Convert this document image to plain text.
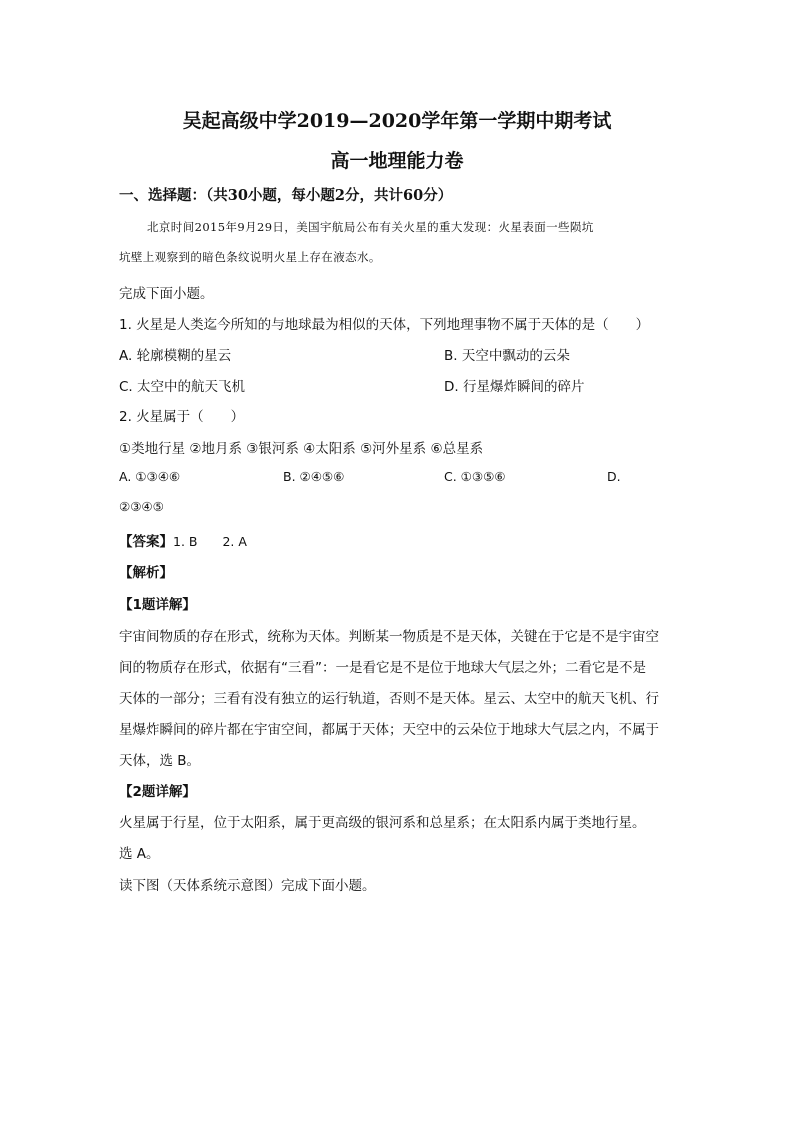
吴起高级中学2019—2020学年第一学期中期考试
高一地理能力卷
一、选择题：（共30小题，每小题2分，共计60分）
北京时间2015年9月29日，美国宇航局公布有关火星的重大发现：火星表面一些陨坑
坑壁上观察到的暗色条纹说明火星上存在液态水。
完成下面小题。
1. 火星是人类迄今所知的与地球最为相似的天体，下列地理事物不属于天体的是（　　）
A. 轮廓模糊的星云	B. 天空中飘动的云朵
C. 太空中的航天飞机	D. 行星爆炸瞬间的碎片
2. 火星属于（　　）
①类地行星 ②地月系 ③银河系 ④太阳系 ⑤河外星系 ⑥总星系
A. ①③④⑥	B. ②④⑤⑥	C. ①③⑤⑥	D.
②③④⑤
【答案】1. B　　2. A
【解析】
【1题详解】
宇宙间物质的存在形式，统称为天体。判断某一物质是不是天体，关键在于它是不是宇宙空
间的物质存在形式，依据有“三看”：一是看它是不是位于地球大气层之外；二看它是不是
天体的一部分；三看有没有独立的运行轨道，否则不是天体。星云、太空中的航天飞机、行
星爆炸瞬间的碎片都在宇宙空间，都属于天体；天空中的云朵位于地球大气层之内，不属于
天体，选 B。
【2题详解】
火星属于行星，位于太阳系，属于更高级的银河系和总星系；在太阳系内属于类地行星。
选 A。
读下图（天体系统示意图）完成下面小题。
